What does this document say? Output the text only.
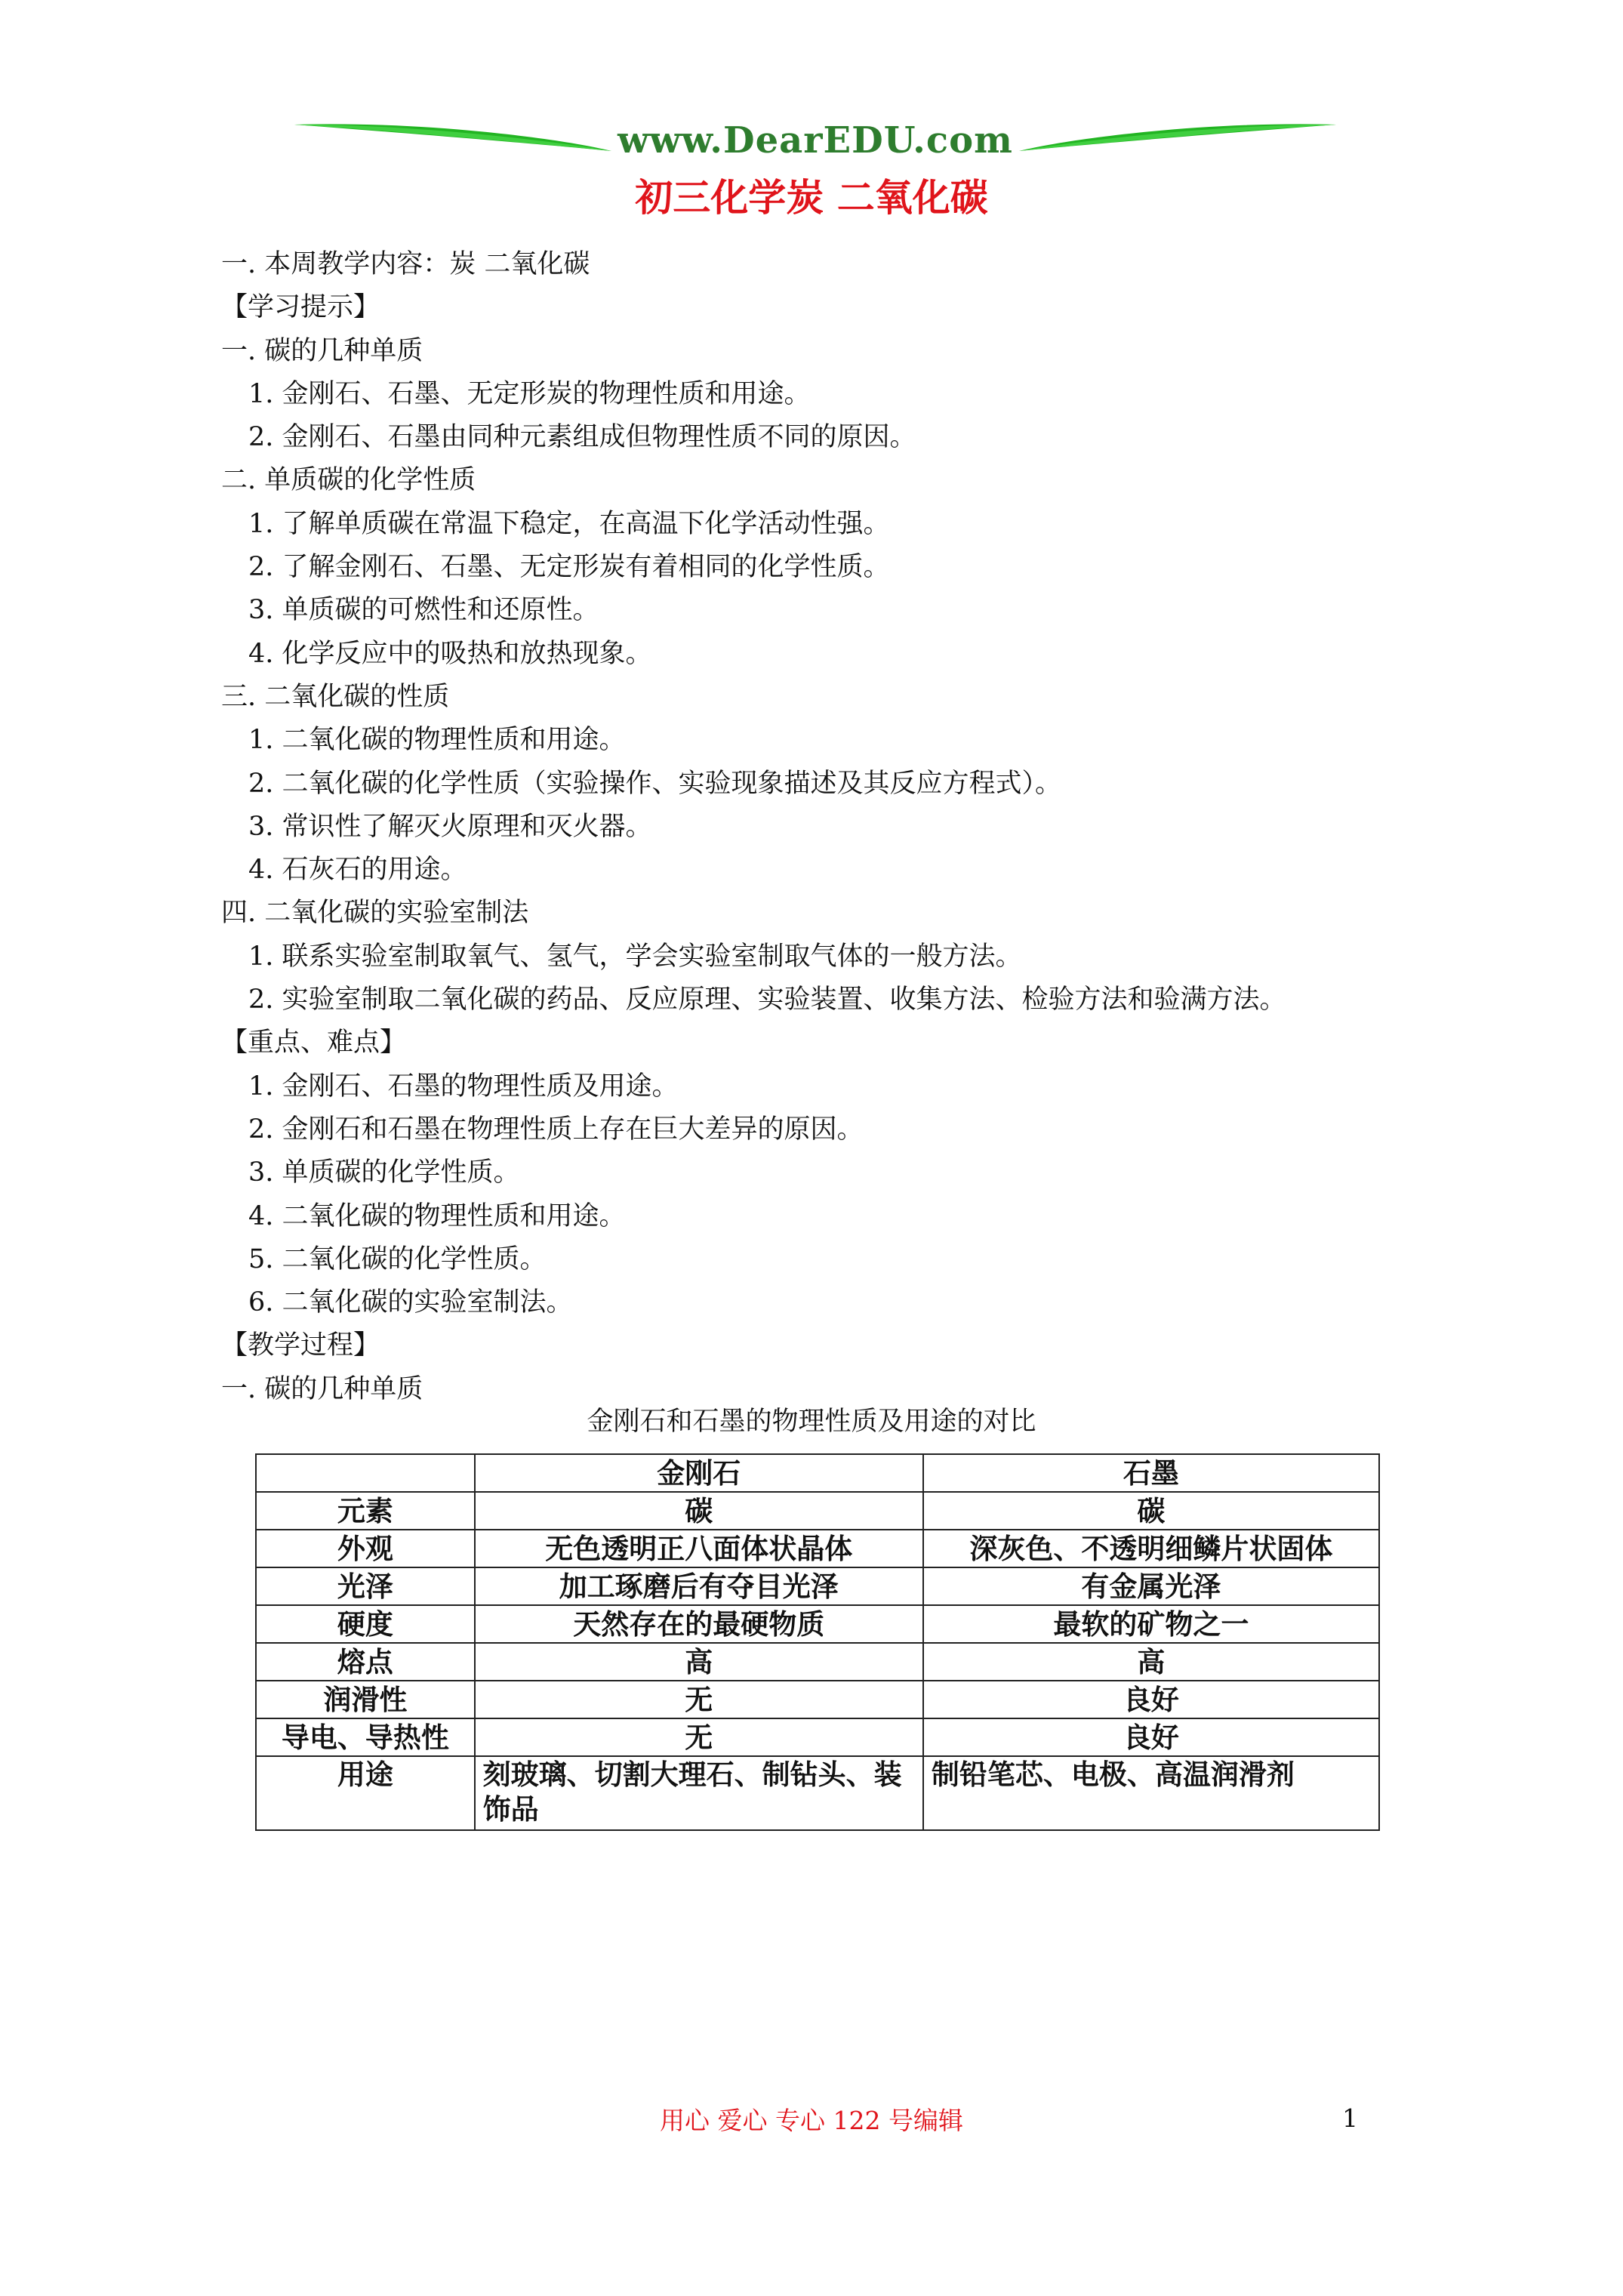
www.DearEDU.com
初三化学炭 二氧化碳
一. 本周教学内容：炭 二氧化碳
【学习提示】
一. 碳的几种单质
1. 金刚石、石墨、无定形炭的物理性质和用途。
2. 金刚石、石墨由同种元素组成但物理性质不同的原因。
二. 单质碳的化学性质
1. 了解单质碳在常温下稳定，在高温下化学活动性强。
2. 了解金刚石、石墨、无定形炭有着相同的化学性质。
3. 单质碳的可燃性和还原性。
4. 化学反应中的吸热和放热现象。
三. 二氧化碳的性质
1. 二氧化碳的物理性质和用途。
2. 二氧化碳的化学性质（实验操作、实验现象描述及其反应方程式）。
3. 常识性了解灭火原理和灭火器。
4. 石灰石的用途。
四. 二氧化碳的实验室制法
1. 联系实验室制取氧气、氢气，学会实验室制取气体的一般方法。
2. 实验室制取二氧化碳的药品、反应原理、实验装置、收集方法、检验方法和验满方法。
【重点、难点】
1. 金刚石、石墨的物理性质及用途。
2. 金刚石和石墨在物理性质上存在巨大差异的原因。
3. 单质碳的化学性质。
4. 二氧化碳的物理性质和用途。
5. 二氧化碳的化学性质。
6. 二氧化碳的实验室制法。
【教学过程】
一. 碳的几种单质
金刚石和石墨的物理性质及用途的对比
	金刚石	石墨
元素	碳	碳
外观	无色透明正八面体状晶体	深灰色、不透明细鳞片状固体
光泽	加工琢磨后有夺目光泽	有金属光泽
硬度	天然存在的最硬物质	最软的矿物之一
熔点	高	高
润滑性	无	良好
导电、导热性	无	良好
用途	刻玻璃、切割大理石、制钻头、装饰品	制铅笔芯、电极、高温润滑剂
用心 爱心 专心 122 号编辑	1
